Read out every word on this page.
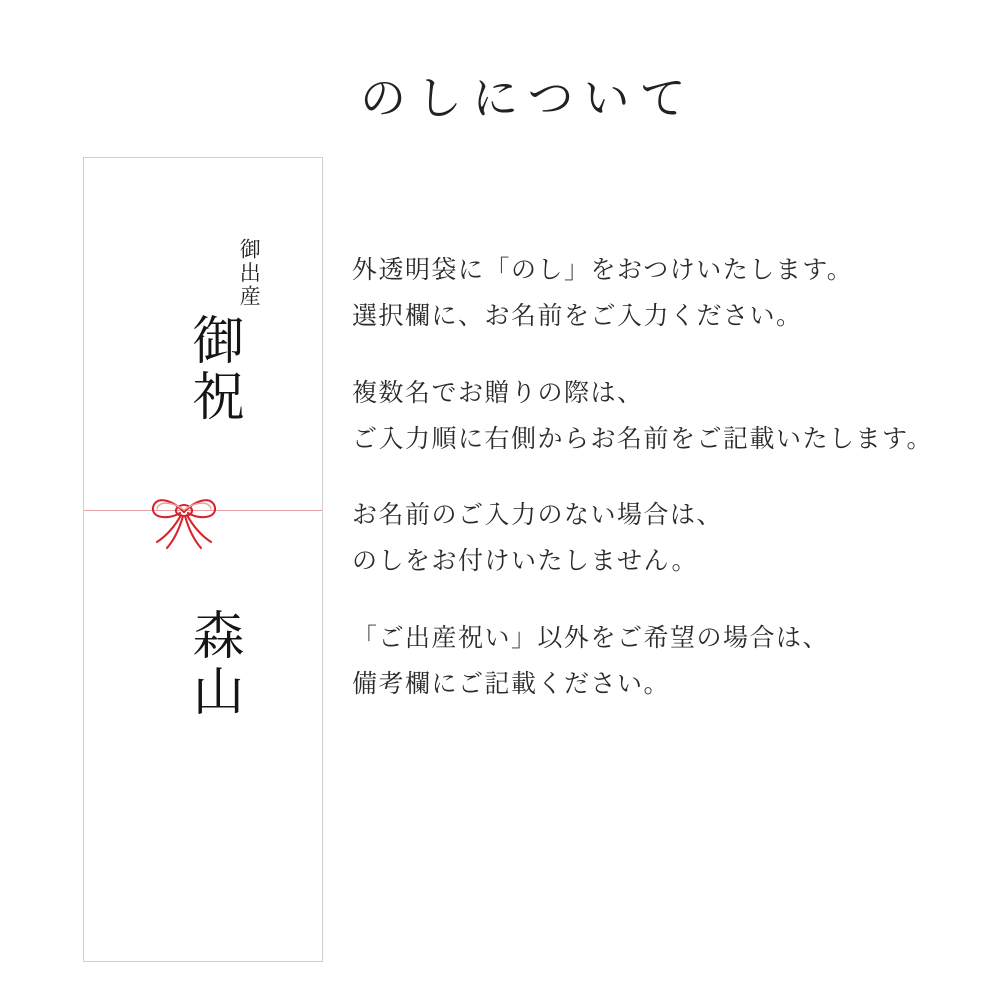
のしについて
御出産
御祝
森山
外透明袋に「のし」をおつけいたします。
選択欄に、お名前をご入力ください。
複数名でお贈りの際は、
ご入力順に右側からお名前をご記載いたします。
お名前のご入力のない場合は、
のしをお付けいたしません。
「ご出産祝い」以外をご希望の場合は、
備考欄にご記載ください。
